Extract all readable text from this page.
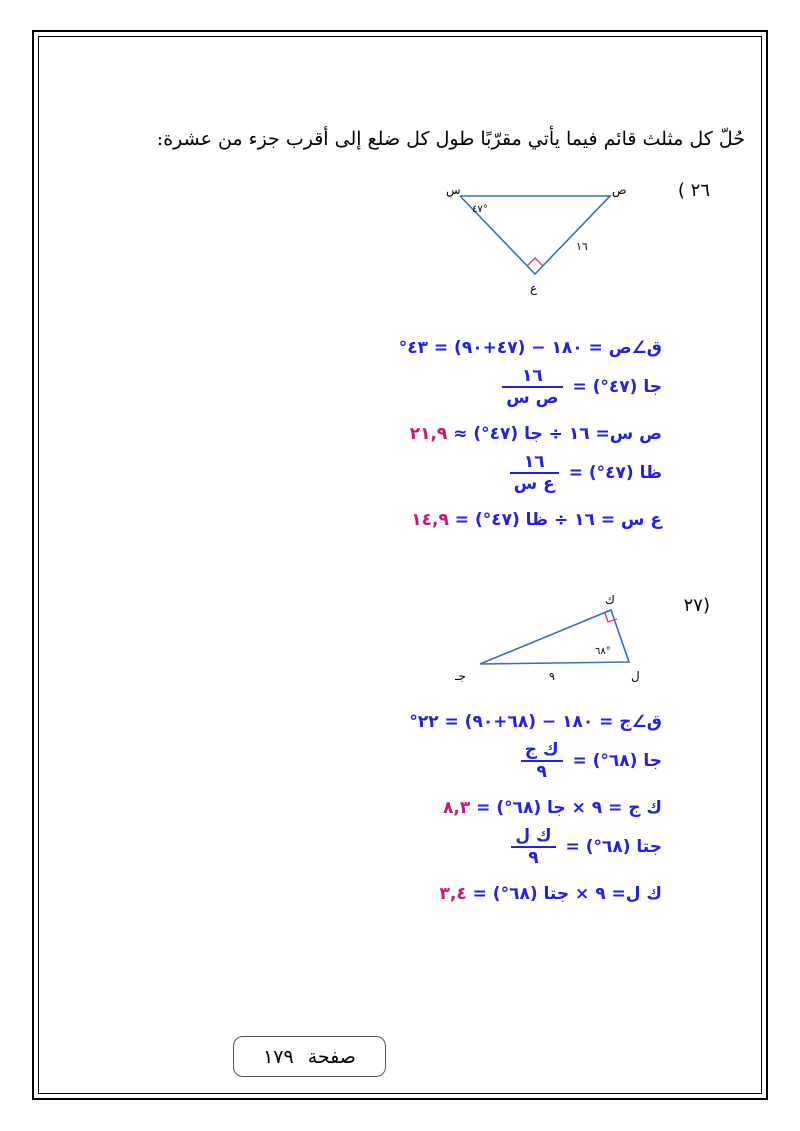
حُلّ كل مثلث قائم فيما يأتي مقرّبًا طول كل ضلع إلى أقرب جزء من عشرة:
٢٦ )
س	ص
ع
٤٧°
١٦
ق∠ص = ١٨٠ − (٤٧+٩٠) = ٤٣°
جا (٤٧°) =
$\frac{١٦}{\text{ص س}}$
ص س= ١٦ ÷ جا (٤٧°) ≈ ٢١,٩
ظا (٤٧°) =
$\frac{١٦}{\text{ع س}}$
ع س = ١٦ ÷ ظا (٤٧°) = ١٤,٩
(٢٧
ك
ل
جـ
٦٨°
٩
ق∠ج = ١٨٠ − (٦٨+٩٠) = ٢٢°
جا (٦٨°) =
$\frac{\text{ك ج}}{٩}$
ك ج = ٩ × جا (٦٨°) = ٨,٣
جتا (٦٨°) =
$\frac{\text{ك ل}}{٩}$
ك ل= ٩ × جتا (٦٨°) = ٣,٤
صفحة
١٧٩
